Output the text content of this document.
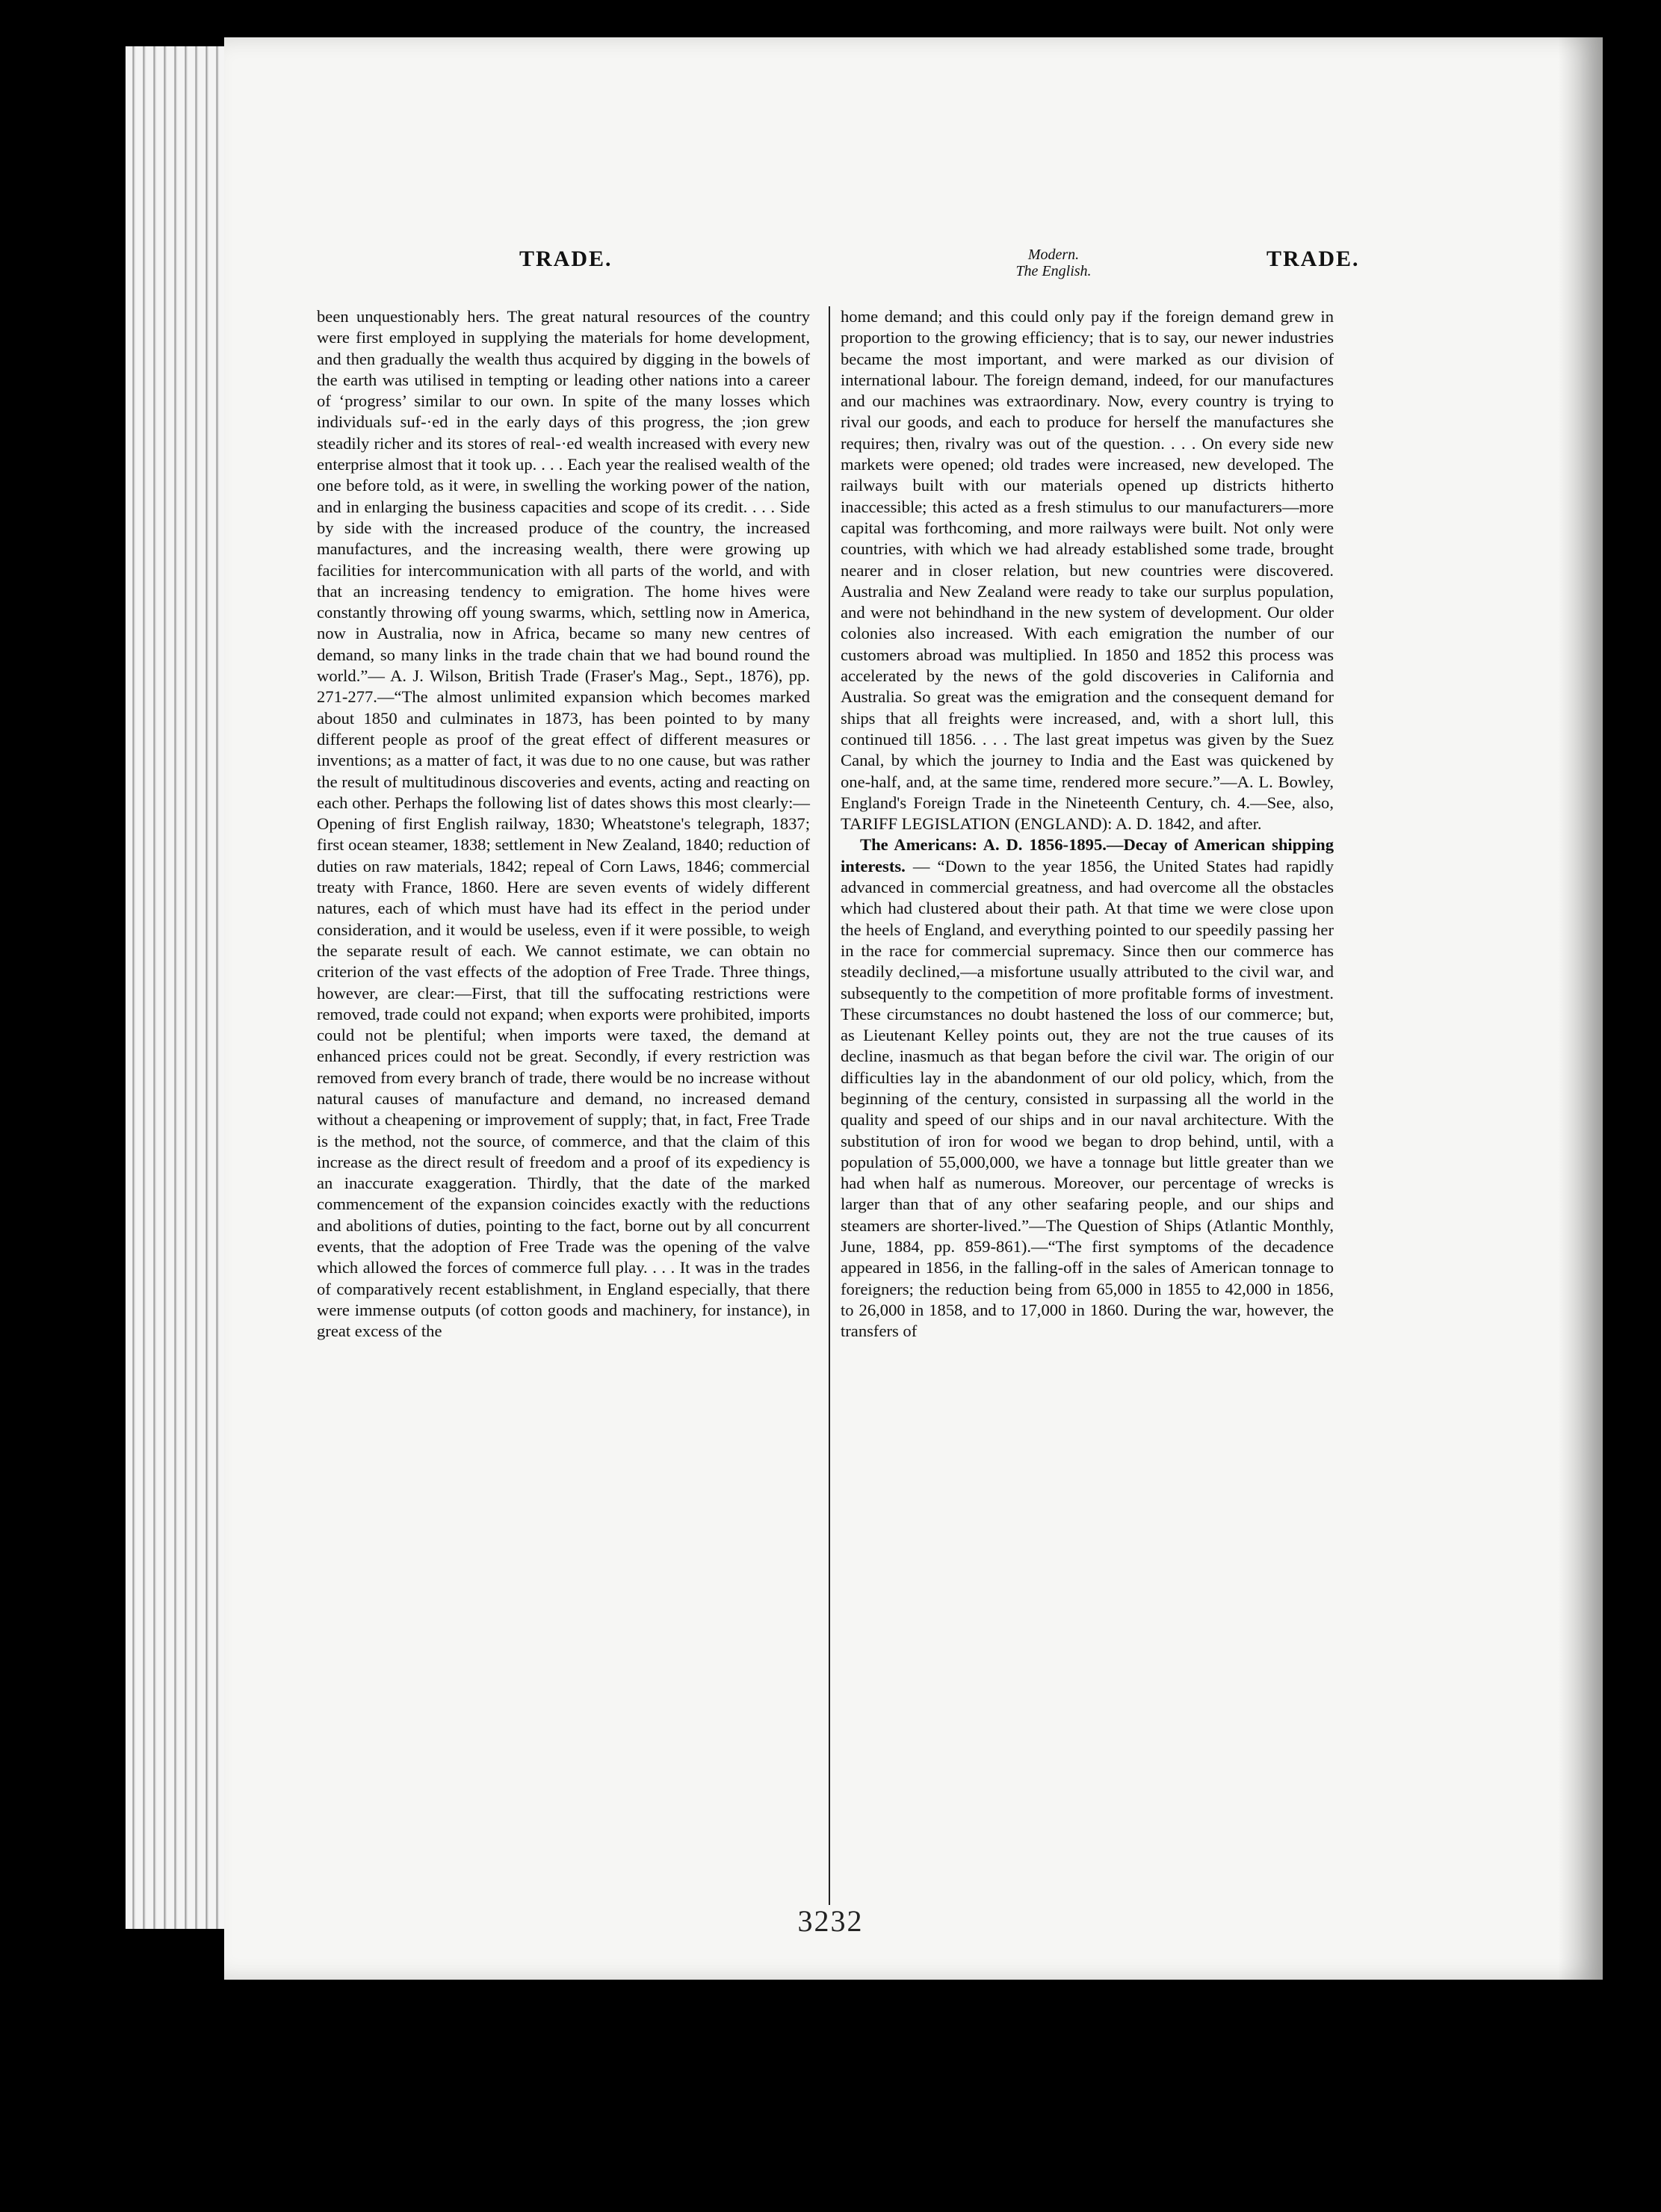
TRADE.	Modern.
The English.	TRADE.

been unquestionably hers. The great natural resources of the country were first employed in supplying the materials for home development, and then gradually the wealth thus acquired by digging in the bowels of the earth was utilised in tempting or leading other nations into a career of ‘progress’ similar to our own. In spite of the many losses which individuals suf-·ed in the early days of this progress, the ;ion grew steadily richer and its stores of real-·ed wealth increased with every new enterprise almost that it took up. . . . Each year the realised wealth of the one before told, as it were, in swelling the working power of the nation, and in enlarging the business capacities and scope of its credit. . . . Side by side with the increased produce of the country, the increased manufactures, and the increasing wealth, there were growing up facilities for intercommunication with all parts of the world, and with that an increasing tendency to emigration. The home hives were constantly throwing off young swarms, which, settling now in America, now in Australia, now in Africa, became so many new centres of demand, so many links in the trade chain that we had bound round the world.”— A. J. Wilson, British Trade (Fraser's Mag., Sept., 1876), pp. 271-277.—“The almost unlimited expansion which becomes marked about 1850 and culminates in 1873, has been pointed to by many different people as proof of the great effect of different measures or inventions; as a matter of fact, it was due to no one cause, but was rather the result of multitudinous discoveries and events, acting and reacting on each other. Perhaps the following list of dates shows this most clearly:—Opening of first English railway, 1830; Wheatstone's telegraph, 1837; first ocean steamer, 1838; settlement in New Zealand, 1840; reduction of duties on raw materials, 1842; repeal of Corn Laws, 1846; commercial treaty with France, 1860. Here are seven events of widely different natures, each of which must have had its effect in the period under consideration, and it would be useless, even if it were possible, to weigh the separate result of each. We cannot estimate, we can obtain no criterion of the vast effects of the adoption of Free Trade. Three things, however, are clear:—First, that till the suffocating restrictions were removed, trade could not expand; when exports were prohibited, imports could not be plentiful; when imports were taxed, the demand at enhanced prices could not be great. Secondly, if every restriction was removed from every branch of trade, there would be no increase without natural causes of manufacture and demand, no increased demand without a cheapening or improvement of supply; that, in fact, Free Trade is the method, not the source, of commerce, and that the claim of this increase as the direct result of freedom and a proof of its expediency is an inaccurate exaggeration. Thirdly, that the date of the marked commencement of the expansion coincides exactly with the reductions and abolitions of duties, pointing to the fact, borne out by all concurrent events, that the adoption of Free Trade was the opening of the valve which allowed the forces of commerce full play. . . . It was in the trades of comparatively recent establishment, in England especially, that there were immense outputs (of cotton goods and machinery, for instance), in great excess of the

home demand; and this could only pay if the foreign demand grew in proportion to the growing efficiency; that is to say, our newer industries became the most important, and were marked as our division of international labour. The foreign demand, indeed, for our manufactures and our machines was extraordinary. Now, every country is trying to rival our goods, and each to produce for herself the manufactures she requires; then, rivalry was out of the question. . . . On every side new markets were opened; old trades were increased, new developed. The railways built with our materials opened up districts hitherto inaccessible; this acted as a fresh stimulus to our manufacturers—more capital was forthcoming, and more railways were built. Not only were countries, with which we had already established some trade, brought nearer and in closer relation, but new countries were discovered. Australia and New Zealand were ready to take our surplus population, and were not behindhand in the new system of development. Our older colonies also increased. With each emigration the number of our customers abroad was multiplied. In 1850 and 1852 this process was accelerated by the news of the gold discoveries in California and Australia. So great was the emigration and the consequent demand for ships that all freights were increased, and, with a short lull, this continued till 1856. . . . The last great impetus was given by the Suez Canal, by which the journey to India and the East was quickened by one-half, and, at the same time, rendered more secure.”—A. L. Bowley, England's Foreign Trade in the Nineteenth Century, ch. 4.—See, also, TARIFF LEGISLATION (ENGLAND): A. D. 1842, and after.

The Americans: A. D. 1856-1895.—Decay of American shipping interests. — “Down to the year 1856, the United States had rapidly advanced in commercial greatness, and had overcome all the obstacles which had clustered about their path. At that time we were close upon the heels of England, and everything pointed to our speedily passing her in the race for commercial supremacy. Since then our commerce has steadily declined,—a misfortune usually attributed to the civil war, and subsequently to the competition of more profitable forms of investment. These circumstances no doubt hastened the loss of our commerce; but, as Lieutenant Kelley points out, they are not the true causes of its decline, inasmuch as that began before the civil war. The origin of our difficulties lay in the abandonment of our old policy, which, from the beginning of the century, consisted in surpassing all the world in the quality and speed of our ships and in our naval architecture. With the substitution of iron for wood we began to drop behind, until, with a population of 55,000,000, we have a tonnage but little greater than we had when half as numerous. Moreover, our percentage of wrecks is larger than that of any other seafaring people, and our ships and steamers are shorter-lived.”—The Question of Ships (Atlantic Monthly, June, 1884, pp. 859-861).—“The first symptoms of the decadence appeared in 1856, in the falling-off in the sales of American tonnage to foreigners; the reduction being from 65,000 in 1855 to 42,000 in 1856, to 26,000 in 1858, and to 17,000 in 1860. During the war, however, the transfers of

3232
